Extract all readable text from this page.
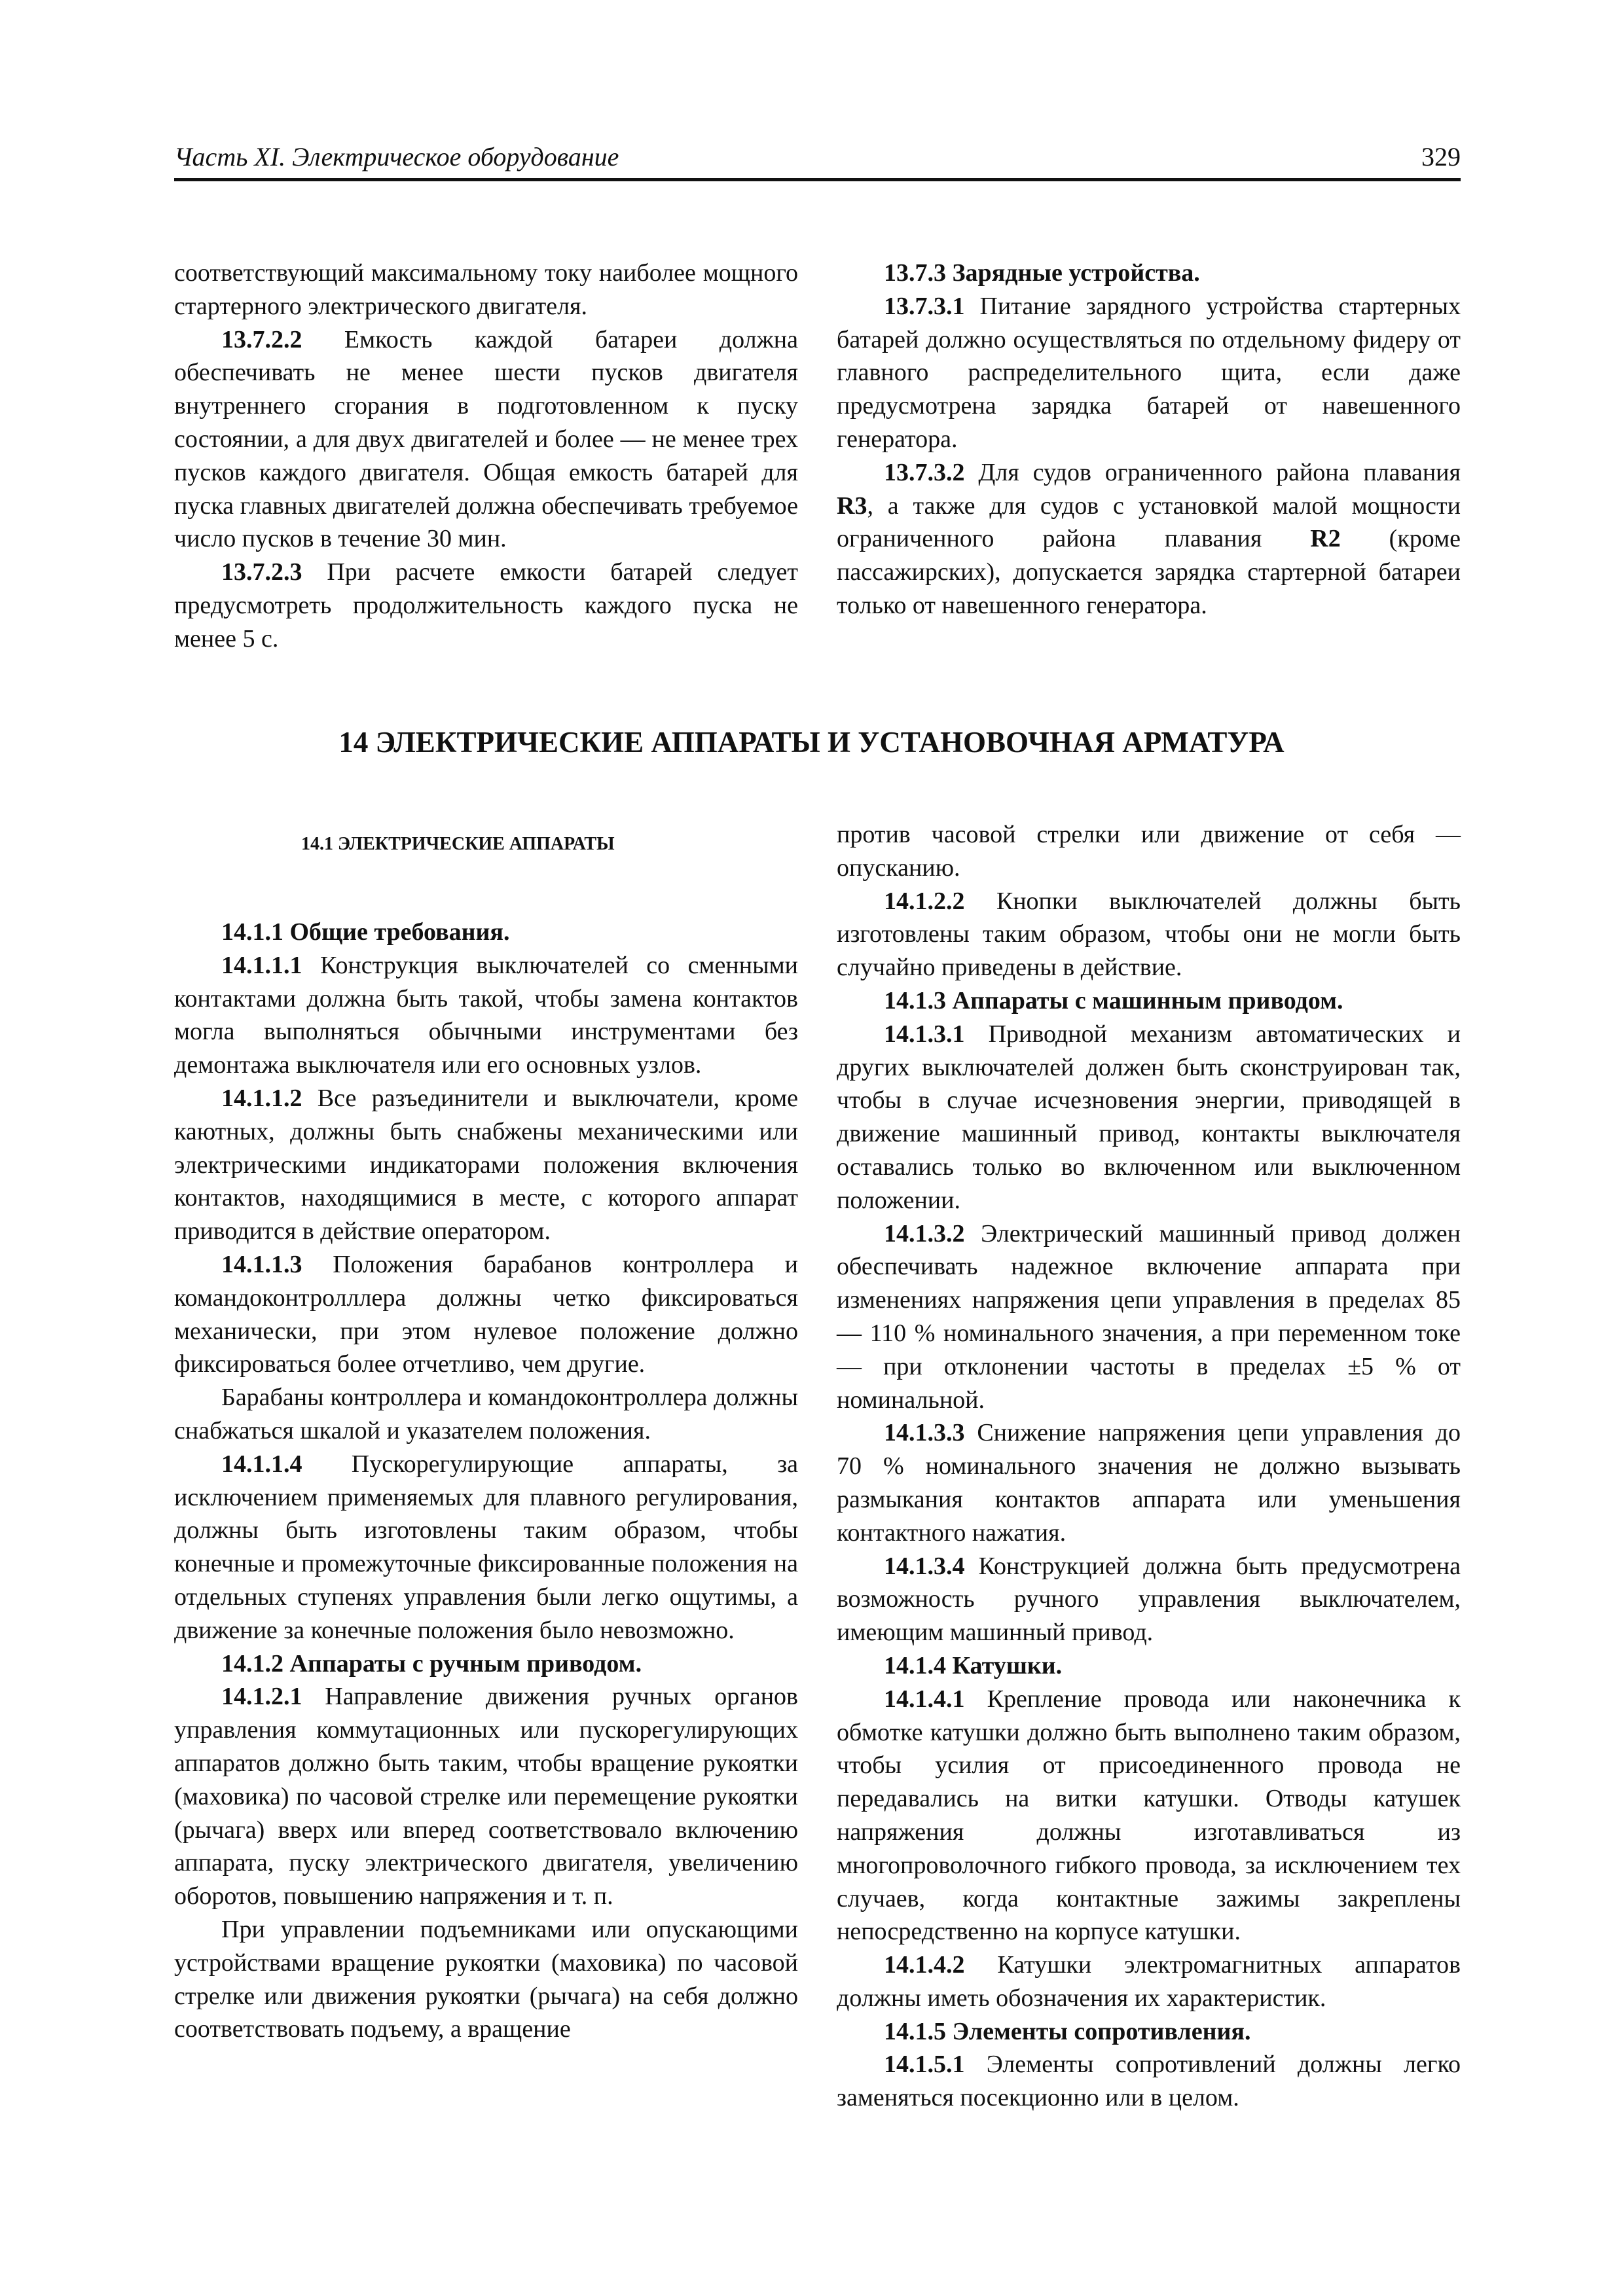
Часть XI. Электрическое оборудование	329

соответствующий максимальному току наиболее мощного стартерного электрического двигателя.

13.7.2.2 Емкость каждой батареи должна обеспечивать не менее шести пусков двигателя внутреннего сгорания в подготовленном к пуску состоянии, а для двух двигателей и более — не менее трех пусков каждого двигателя. Общая емкость батарей для пуска главных двигателей должна обеспечивать требуемое число пусков в течение 30 мин.

13.7.2.3 При расчете емкости батарей следует предусмотреть продолжительность каждого пуска не менее 5 с.

13.7.3 Зарядные устройства.

13.7.3.1 Питание зарядного устройства стартерных батарей должно осуществляться по отдельному фидеру от главного распределительного щита, если даже предусмотрена зарядка батарей от навешенного генератора.

13.7.3.2 Для судов ограниченного района плавания R3, а также для судов с установкой малой мощности ограниченного района плавания R2 (кроме пассажирских), допускается зарядка стартерной батареи только от навешенного генератора.

14 ЭЛЕКТРИЧЕСКИЕ АППАРАТЫ И УСТАНОВОЧНАЯ АРМАТУРА
14.1 ЭЛЕКТРИЧЕСКИЕ АППАРАТЫ

14.1.1 Общие требования.

14.1.1.1 Конструкция выключателей со сменными контактами должна быть такой, чтобы замена контактов могла выполняться обычными инструментами без демонтажа выключателя или его основных узлов.

14.1.1.2 Все разъединители и выключатели, кроме каютных, должны быть снабжены механическими или электрическими индикаторами положения включения контактов, находящимися в месте, с которого аппарат приводится в действие оператором.

14.1.1.3 Положения барабанов контроллера и командоконтролллера должны четко фиксироваться механически, при этом нулевое положение должно фиксироваться более отчетливо, чем другие.

Барабаны контроллера и командоконтроллера должны снабжаться шкалой и указателем положения.

14.1.1.4 Пускорегулирующие аппараты, за исключением применяемых для плавного регулирования, должны быть изготовлены таким образом, чтобы конечные и промежуточные фиксированные положения на отдельных ступенях управления были легко ощутимы, а движение за конечные положения было невозможно.

14.1.2 Аппараты с ручным приводом.

14.1.2.1 Направление движения ручных органов управления коммутационных или пускорегулирующих аппаратов должно быть таким, чтобы вращение рукоятки (маховика) по часовой стрелке или перемещение рукоятки (рычага) вверх или вперед соответствовало включению аппарата, пуску электрического двигателя, увеличению оборотов, повышению напряжения и т. п.

При управлении подъемниками или опускающими устройствами вращение рукоятки (маховика) по часовой стрелке или движения рукоятки (рычага) на себя должно соответствовать подъему, а вращение

против часовой стрелки или движение от себя — опусканию.

14.1.2.2 Кнопки выключателей должны быть изготовлены таким образом, чтобы они не могли быть случайно приведены в действие.

14.1.3 Аппараты с машинным приводом.

14.1.3.1 Приводной механизм автоматических и других выключателей должен быть сконструирован так, чтобы в случае исчезновения энергии, приводящей в движение машинный привод, контакты выключателя оставались только во включенном или выключенном положении.

14.1.3.2 Электрический машинный привод должен обеспечивать надежное включение аппарата при изменениях напряжения цепи управления в пределах 85 — 110 % номинального значения, а при переменном токе — при отклонении частоты в пределах ±5 % от номинальной.

14.1.3.3 Снижение напряжения цепи управления до 70 % номинального значения не должно вызывать размыкания контактов аппарата или уменьшения контактного нажатия.

14.1.3.4 Конструкцией должна быть предусмотрена возможность ручного управления выключателем, имеющим машинный привод.

14.1.4 Катушки.

14.1.4.1 Крепление провода или наконечника к обмотке катушки должно быть выполнено таким образом, чтобы усилия от присоединенного провода не передавались на витки катушки. Отводы катушек напряжения должны изготавливаться из многопроволочного гибкого провода, за исключением тех случаев, когда контактные зажимы закреплены непосредственно на корпусе катушки.

14.1.4.2 Катушки электромагнитных аппаратов должны иметь обозначения их характеристик.

14.1.5 Элементы сопротивления.

14.1.5.1 Элементы сопротивлений должны легко заменяться посекционно или в целом.
